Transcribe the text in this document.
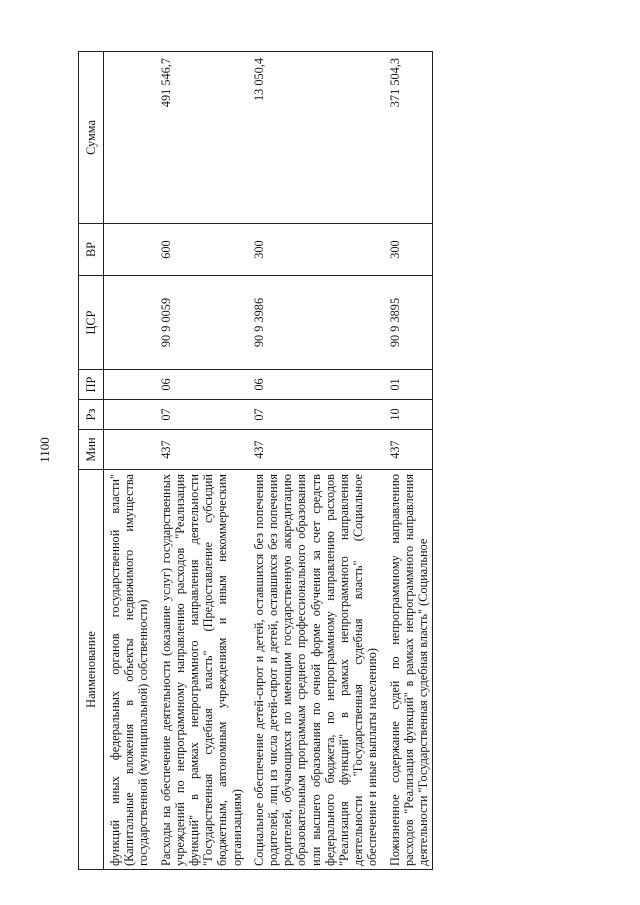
1100
Наименование	Мин	Рз	ПР	ЦСР	ВР	Сумма
функций иных федеральных органов государственной власти" (Капитальные вложения в объекты недвижимого имущества государственной (муниципальной) собственности)						
Расходы на обеспечение деятельности (оказание услуг) государственных учреждений по непрограммному направлению расходов "Реализация функций" в рамках непрограммного направления деятельности "Государственная судебная власть" (Предоставление субсидий бюджетным, автономным учреждениям и иным некоммерческим организациям)	437	07	06	90 9 0059	600	491 546,7
Социальное обеспечение детей-сирот и детей, оставшихся без попечения родителей, лиц из числа детей-сирот и детей, оставшихся без попечения родителей, обучающихся по имеющим государственную аккредитацию образовательным программам среднего профессионального образования или высшего образования по очной форме обучения за счет средств федерального бюджета, по непрограммному направлению расходов "Реализация функций" в рамках непрограммного направления деятельности "Государственная судебная власть" (Социальное обеспечение и иные выплаты населению)	437	07	06	90 9 3986	300	13 050,4
Пожизненное содержание судей по непрограммному направлению расходов "Реализация функций" в рамках непрограммного направления деятельности "Государственная судебная власть" (Социальное	437	10	01	90 9 3895	300	371 504,3
